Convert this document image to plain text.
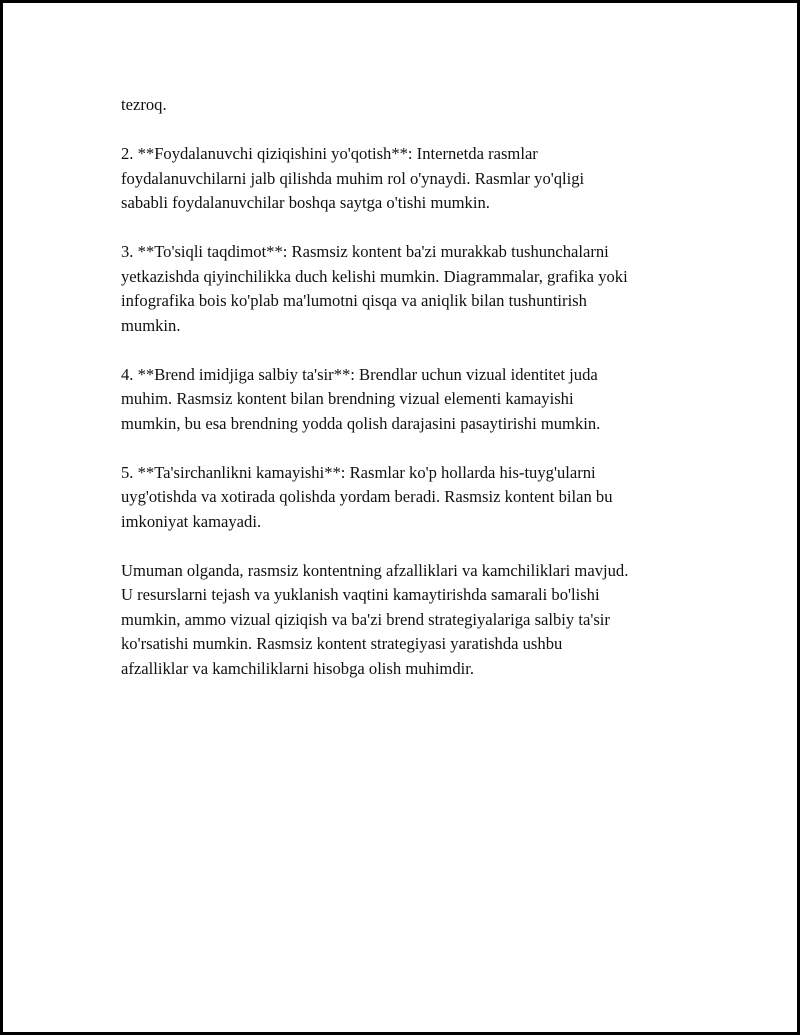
tezroq.

2. **Foydalanuvchi qiziqishini yo'qotish**: Internetda rasmlar
foydalanuvchilarni jalb qilishda muhim rol o'ynaydi. Rasmlar yo'qligi
sababli foydalanuvchilar boshqa saytga o'tishi mumkin.

3. **To'siqli taqdimot**: Rasmsiz kontent ba'zi murakkab tushunchalarni
yetkazishda qiyinchilikka duch kelishi mumkin. Diagrammalar, grafika yoki
infografika bois ko'plab ma'lumotni qisqa va aniqlik bilan tushuntirish
mumkin.

4. **Brend imidjiga salbiy ta'sir**: Brendlar uchun vizual identitet juda
muhim. Rasmsiz kontent bilan brendning vizual elementi kamayishi
mumkin, bu esa brendning yodda qolish darajasini pasaytirishi mumkin.

5. **Ta'sirchanlikni kamayishi**: Rasmlar ko'p hollarda his-tuyg'ularni
uyg'otishda va xotirada qolishda yordam beradi. Rasmsiz kontent bilan bu
imkoniyat kamayadi.

Umuman olganda, rasmsiz kontentning afzalliklari va kamchiliklari mavjud.
U resurslarni tejash va yuklanish vaqtini kamaytirishda samarali bo'lishi
mumkin, ammo vizual qiziqish va ba'zi brend strategiyalariga salbiy ta'sir
ko'rsatishi mumkin. Rasmsiz kontent strategiyasi yaratishda ushbu
afzalliklar va kamchiliklarni hisobga olish muhimdir.
